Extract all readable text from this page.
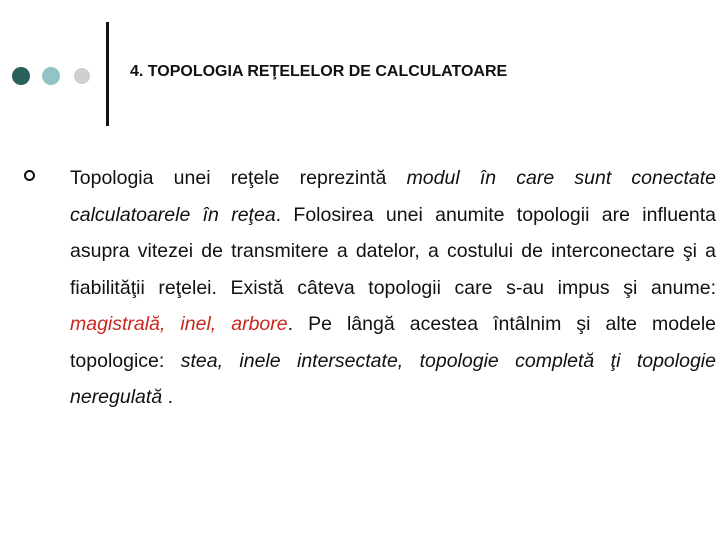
4. TOPOLOGIA REŢELELOR DE CALCULATOARE
Topologia unei reţele reprezintă modul în care sunt conectate calculatoarele în reţea. Folosirea unei anumite topologii are influenta asupra vitezei de transmitere a datelor, a costului de interconectare şi a fiabilităţii reţelei. Există câteva topologii care s-au impus şi anume: magistrală, inel, arbore. Pe lângă acestea întâlnim şi alte modele topologice: stea, inele intersectate, topologie completă ţi topologie neregulată .
